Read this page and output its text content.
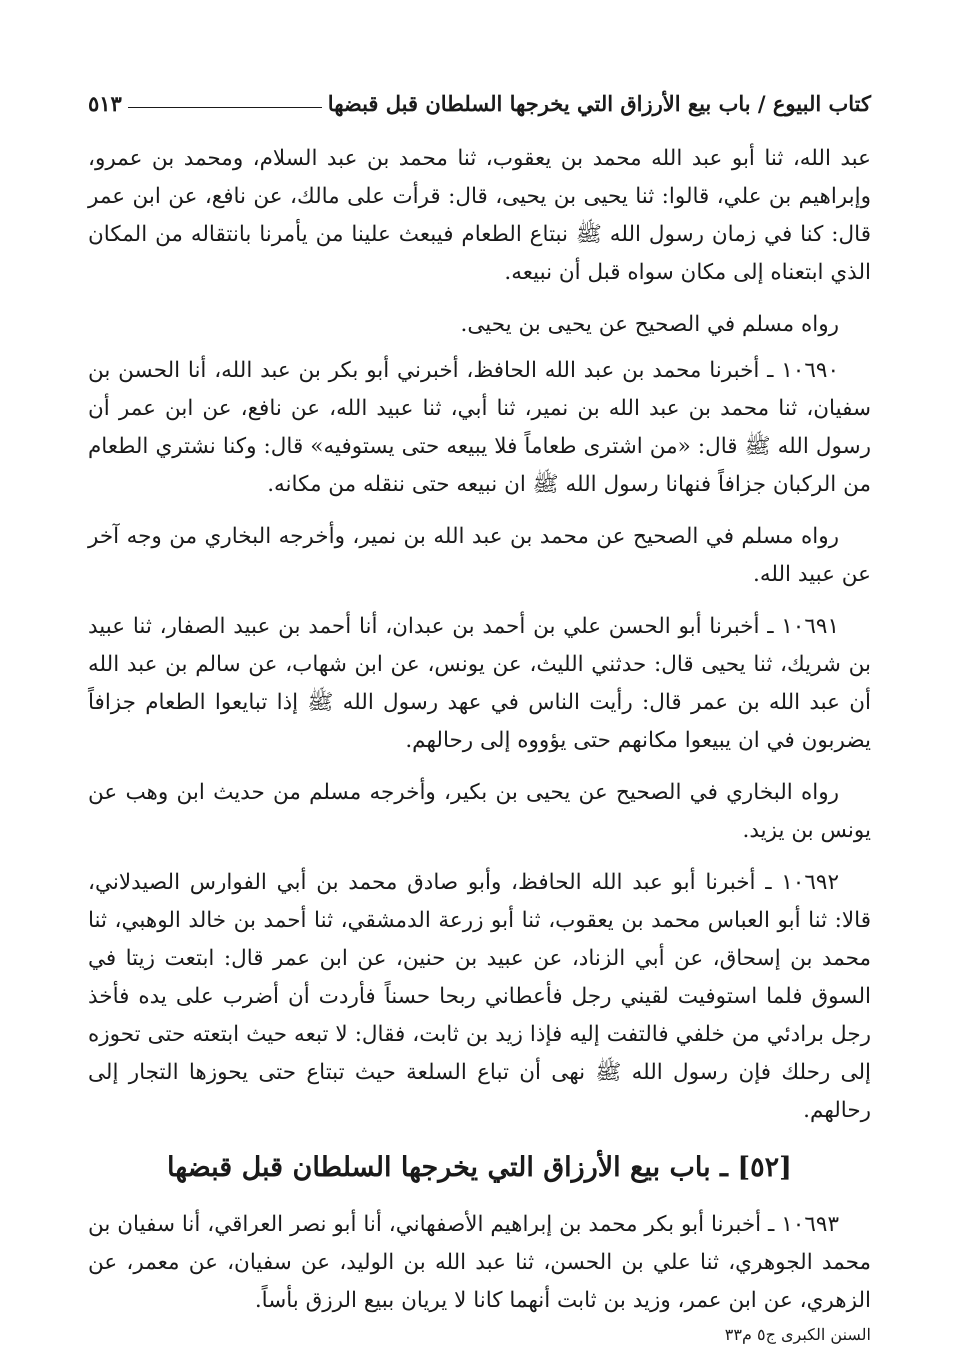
كتاب البيوع / باب بيع الأرزاق التي يخرجها السلطان قبل قبضها
٥١٣

عبد الله، ثنا أبو عبد الله محمد بن يعقوب، ثنا محمد بن عبد السلام، ومحمد بن عمرو، وإبراهيم بن علي، قالوا: ثنا يحيى بن يحيى، قال: قرأت على مالك، عن نافع، عن ابن عمر قال: كنا في زمان رسول الله ﷺ نبتاع الطعام فيبعث علينا من يأمرنا بانتقاله من المكان الذي ابتعناه إلى مكان سواه قبل أن نبيعه.

رواه مسلم في الصحيح عن يحيى بن يحيى.

١٠٦٩٠ ـ أخبرنا محمد بن عبد الله الحافظ، أخبرني أبو بكر بن عبد الله، أنا الحسن بن سفيان، ثنا محمد بن عبد الله بن نمير، ثنا أبي، ثنا عبيد الله، عن نافع، عن ابن عمر أن رسول الله ﷺ قال: «من اشترى طعاماً فلا يبيعه حتى يستوفيه» قال: وكنا نشتري الطعام من الركبان جزافاً فنهانا رسول الله ﷺ ان نبيعه حتى ننقله من مكانه.

رواه مسلم في الصحيح عن محمد بن عبد الله بن نمير، وأخرجه البخاري من وجه آخر عن عبيد الله.

١٠٦٩١ ـ أخبرنا أبو الحسن علي بن أحمد بن عبدان، أنا أحمد بن عبيد الصفار، ثنا عبيد بن شريك، ثنا يحيى قال: حدثني الليث، عن يونس، عن ابن شهاب، عن سالم بن عبد الله أن عبد الله بن عمر قال: رأيت الناس في عهد رسول الله ﷺ إذا تبايعوا الطعام جزافاً يضربون في ان يبيعوا مكانهم حتى يؤووه إلى رحالهم.

رواه البخاري في الصحيح عن يحيى بن بكير، وأخرجه مسلم من حديث ابن وهب عن يونس بن يزيد.

١٠٦٩٢ ـ أخبرنا أبو عبد الله الحافظ، وأبو صادق محمد بن أبي الفوارس الصيدلاني، قالا: ثنا أبو العباس محمد بن يعقوب، ثنا أبو زرعة الدمشقي، ثنا أحمد بن خالد الوهبي، ثنا محمد بن إسحاق، عن أبي الزناد، عن عبيد بن حنين، عن ابن عمر قال: ابتعت زيتا في السوق فلما استوفيت لقيني رجل فأعطاني ربحا حسناً فأردت أن أضرب على يده فأخذ رجل برادئي من خلفي فالتفت إليه فإذا زيد بن ثابت، فقال: لا تبعه حيث ابتعته حتى تحوزه إلى رحلك فإن رسول الله ﷺ نهى أن تباع السلعة حيث تبتاع حتى يحوزها التجار إلى رحالهم.

[٥٢] ـ باب بيع الأرزاق التي يخرجها السلطان قبل قبضها

١٠٦٩٣ ـ أخبرنا أبو بكر محمد بن إبراهيم الأصفهاني، أنا أبو نصر العراقي، أنا سفيان بن محمد الجوهري، ثنا علي بن الحسن، ثنا عبد الله بن الوليد، عن سفيان، عن معمر، عن الزهري، عن ابن عمر، وزيد بن ثابت أنهما كانا لا يريان ببيع الرزق بأساً.

السنن الكبرى ج٥ م٣٣
